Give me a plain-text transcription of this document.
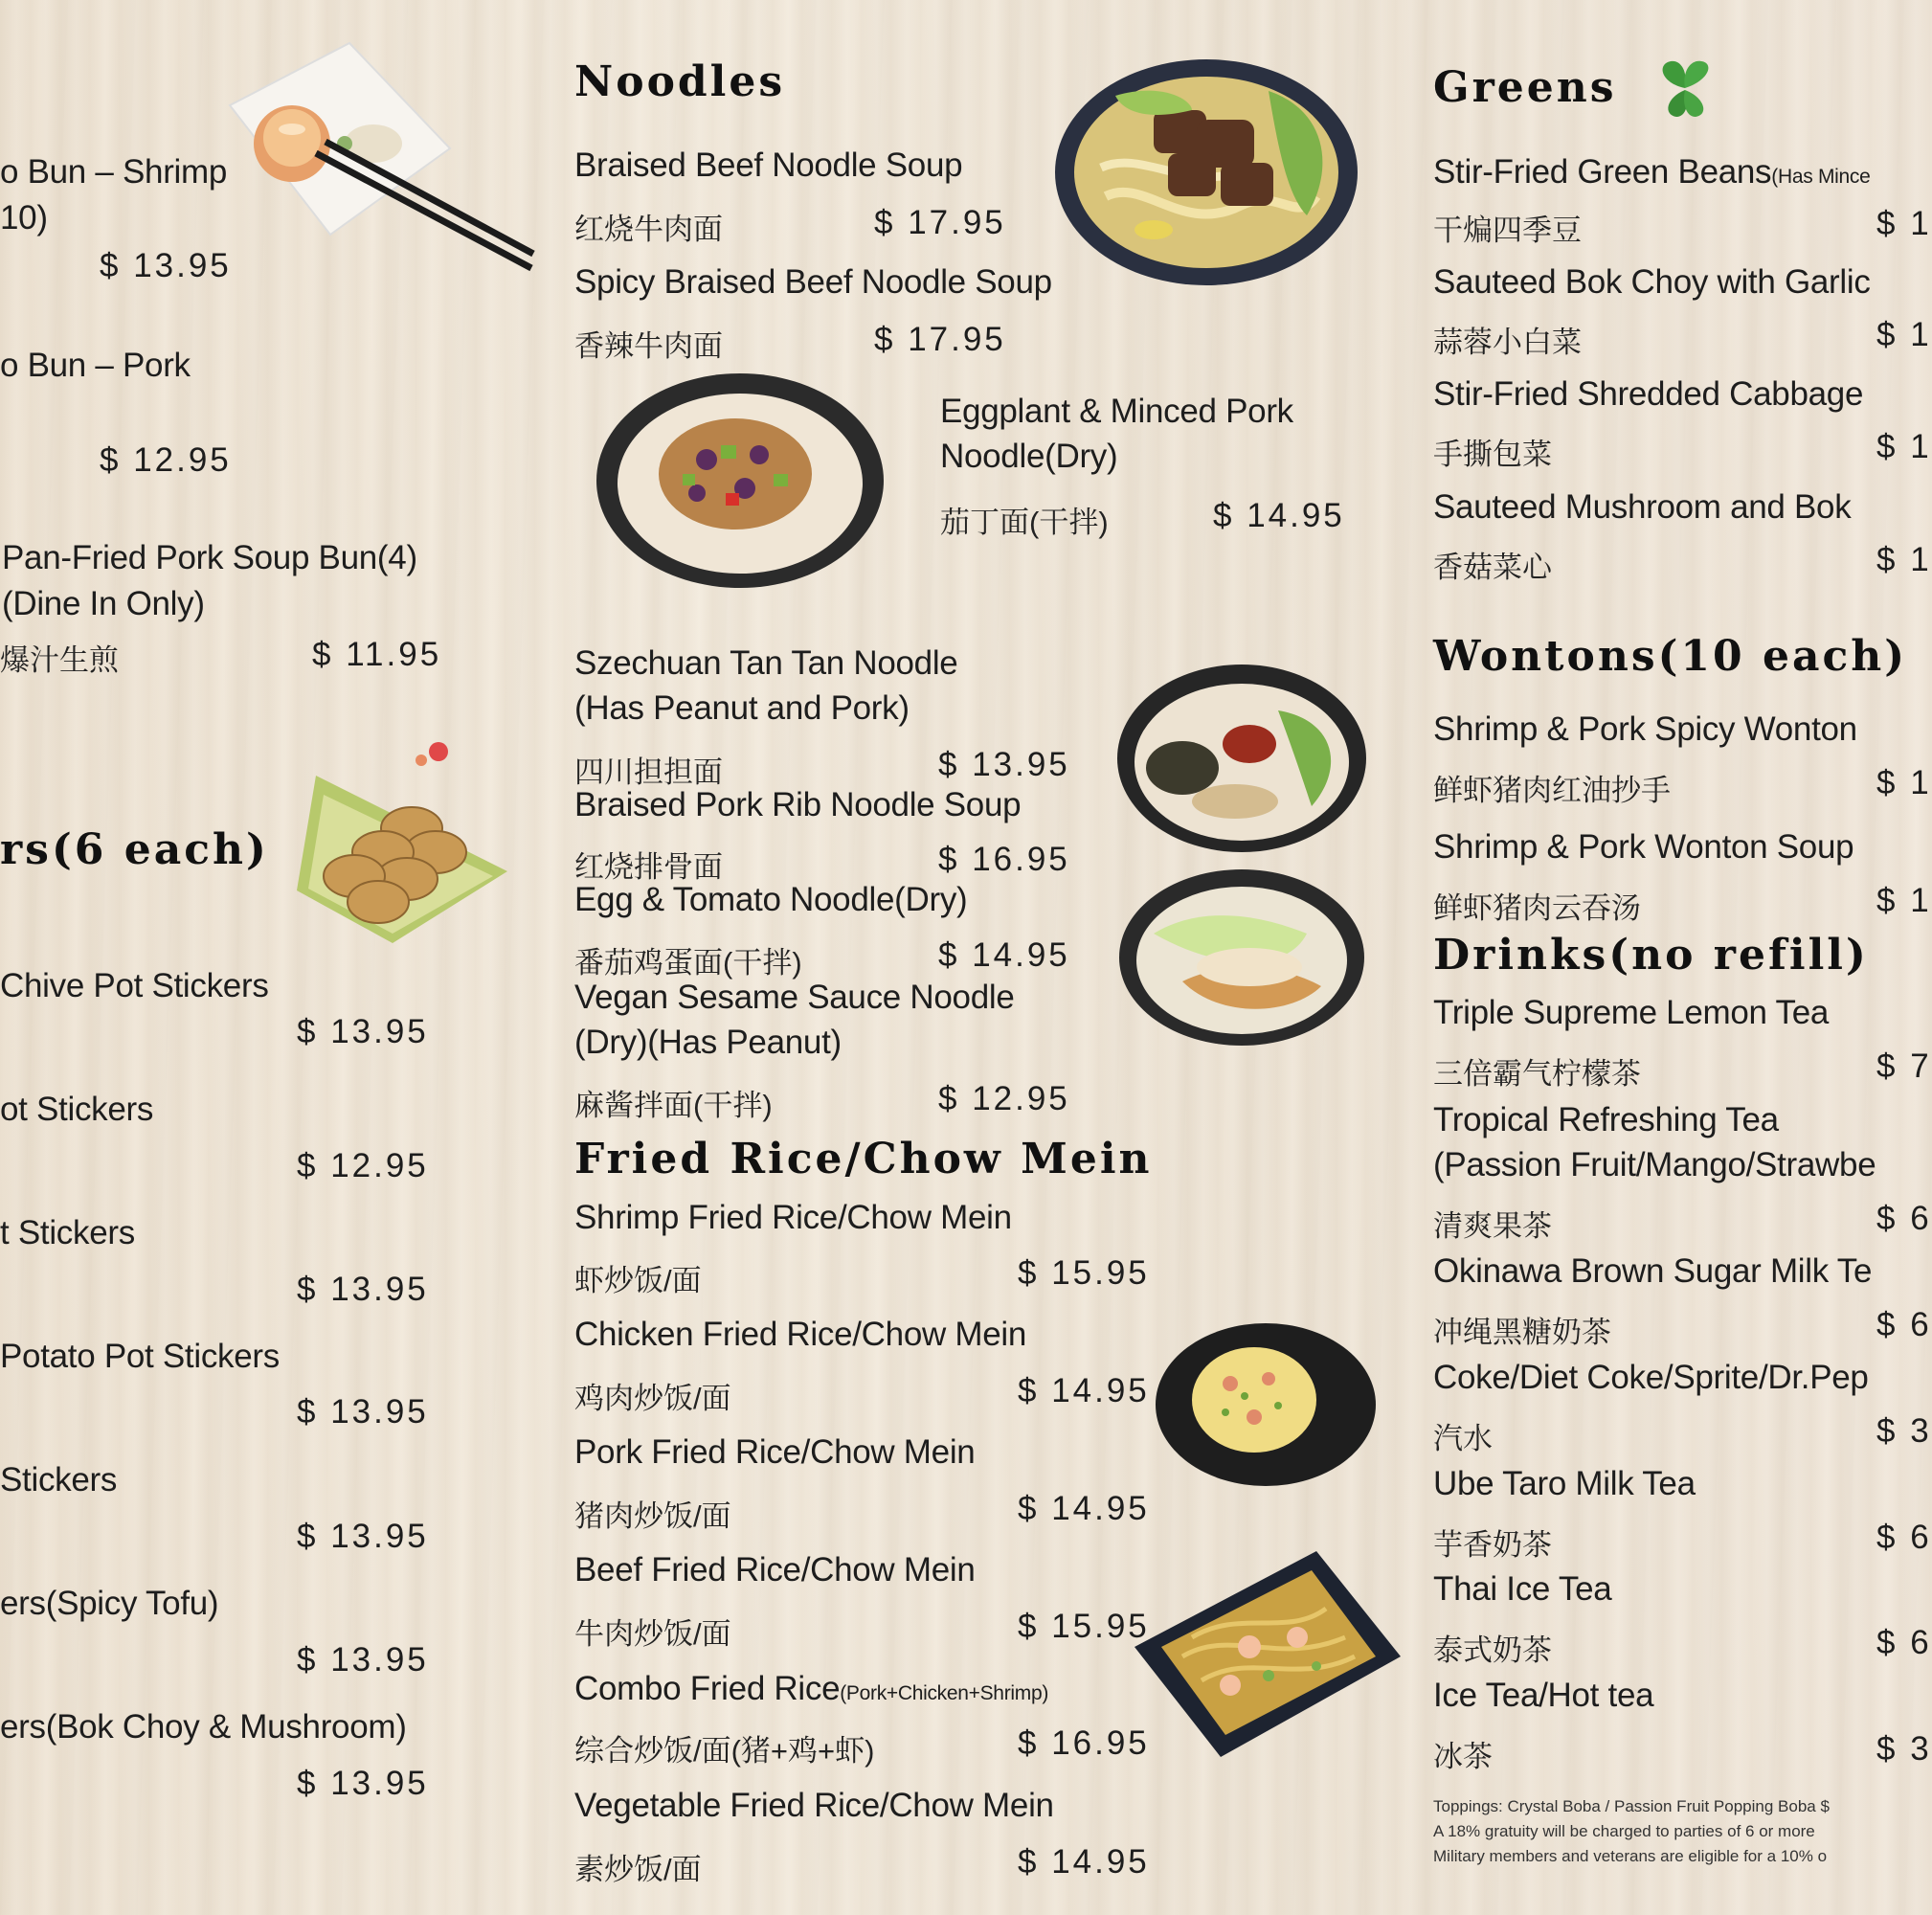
o Bun – Shrimp
10)
$ 13.95
o Bun – Pork
$ 12.95
Pan-Fried Pork Soup Bun(4)
(Dine In Only)
爆汁生煎	$ 11.95
rs(6 each)
Chive Pot Stickers
$ 13.95
ot Stickers
$ 12.95
t Stickers
$ 13.95
Potato Pot Stickers
$ 13.95
Stickers
$ 13.95
ers(Spicy Tofu)
$ 13.95
ers(Bok Choy & Mushroom)
$ 13.95
Noodles
Braised Beef Noodle Soup
红烧牛肉面	$ 17.95
Spicy Braised Beef Noodle Soup
香辣牛肉面	$ 17.95
Eggplant & Minced Pork
Noodle(Dry)
茄丁面(干拌)	$ 14.95
Szechuan Tan Tan Noodle
(Has Peanut and Pork)
四川担担面	$ 13.95
Braised Pork Rib Noodle Soup
红烧排骨面	$ 16.95
Egg & Tomato Noodle(Dry)
番茄鸡蛋面(干拌)	$ 14.95
Vegan Sesame Sauce Noodle
(Dry)(Has Peanut)
麻酱拌面(干拌)	$ 12.95
Fried Rice/Chow Mein
Shrimp Fried Rice/Chow Mein
虾炒饭/面	$ 15.95
Chicken Fried Rice/Chow Mein
鸡肉炒饭/面	$ 14.95
Pork Fried Rice/Chow Mein
猪肉炒饭/面	$ 14.95
Beef Fried Rice/Chow Mein
牛肉炒饭/面	$ 15.95
Combo Fried Rice(Pork+Chicken+Shrimp)
综合炒饭/面(猪+鸡+虾)	$ 16.95
Vegetable Fried Rice/Chow Mein
素炒饭/面	$ 14.95
Greens
Stir-Fried Green Beans(Has Mince
干煸四季豆	$ 1
Sauteed Bok Choy with Garlic
蒜蓉小白菜	$ 1
Stir-Fried Shredded Cabbage
手撕包菜	$ 1
Sauteed Mushroom and Bok
香菇菜心	$ 1
Wontons(10 each)
Shrimp & Pork Spicy Wonton
鲜虾猪肉红油抄手	$ 1
Shrimp & Pork Wonton Soup
鲜虾猪肉云吞汤	$ 1
Drinks(no refill)
Triple Supreme Lemon Tea
三倍霸气柠檬茶	$ 7
Tropical Refreshing Tea
(Passion Fruit/Mango/Strawbe
清爽果茶	$ 6
Okinawa Brown Sugar Milk Te
冲绳黑糖奶茶	$ 6
Coke/Diet Coke/Sprite/Dr.Pep
汽水	$ 3
Ube Taro Milk Tea
芋香奶茶	$ 6
Thai Ice Tea
泰式奶茶	$ 6
Ice Tea/Hot tea
冰茶	$ 3
Toppings: Crystal Boba / Passion Fruit Popping Boba $
A 18% gratuity will be charged to parties of 6 or more
Military members and veterans are eligible for a 10% o
